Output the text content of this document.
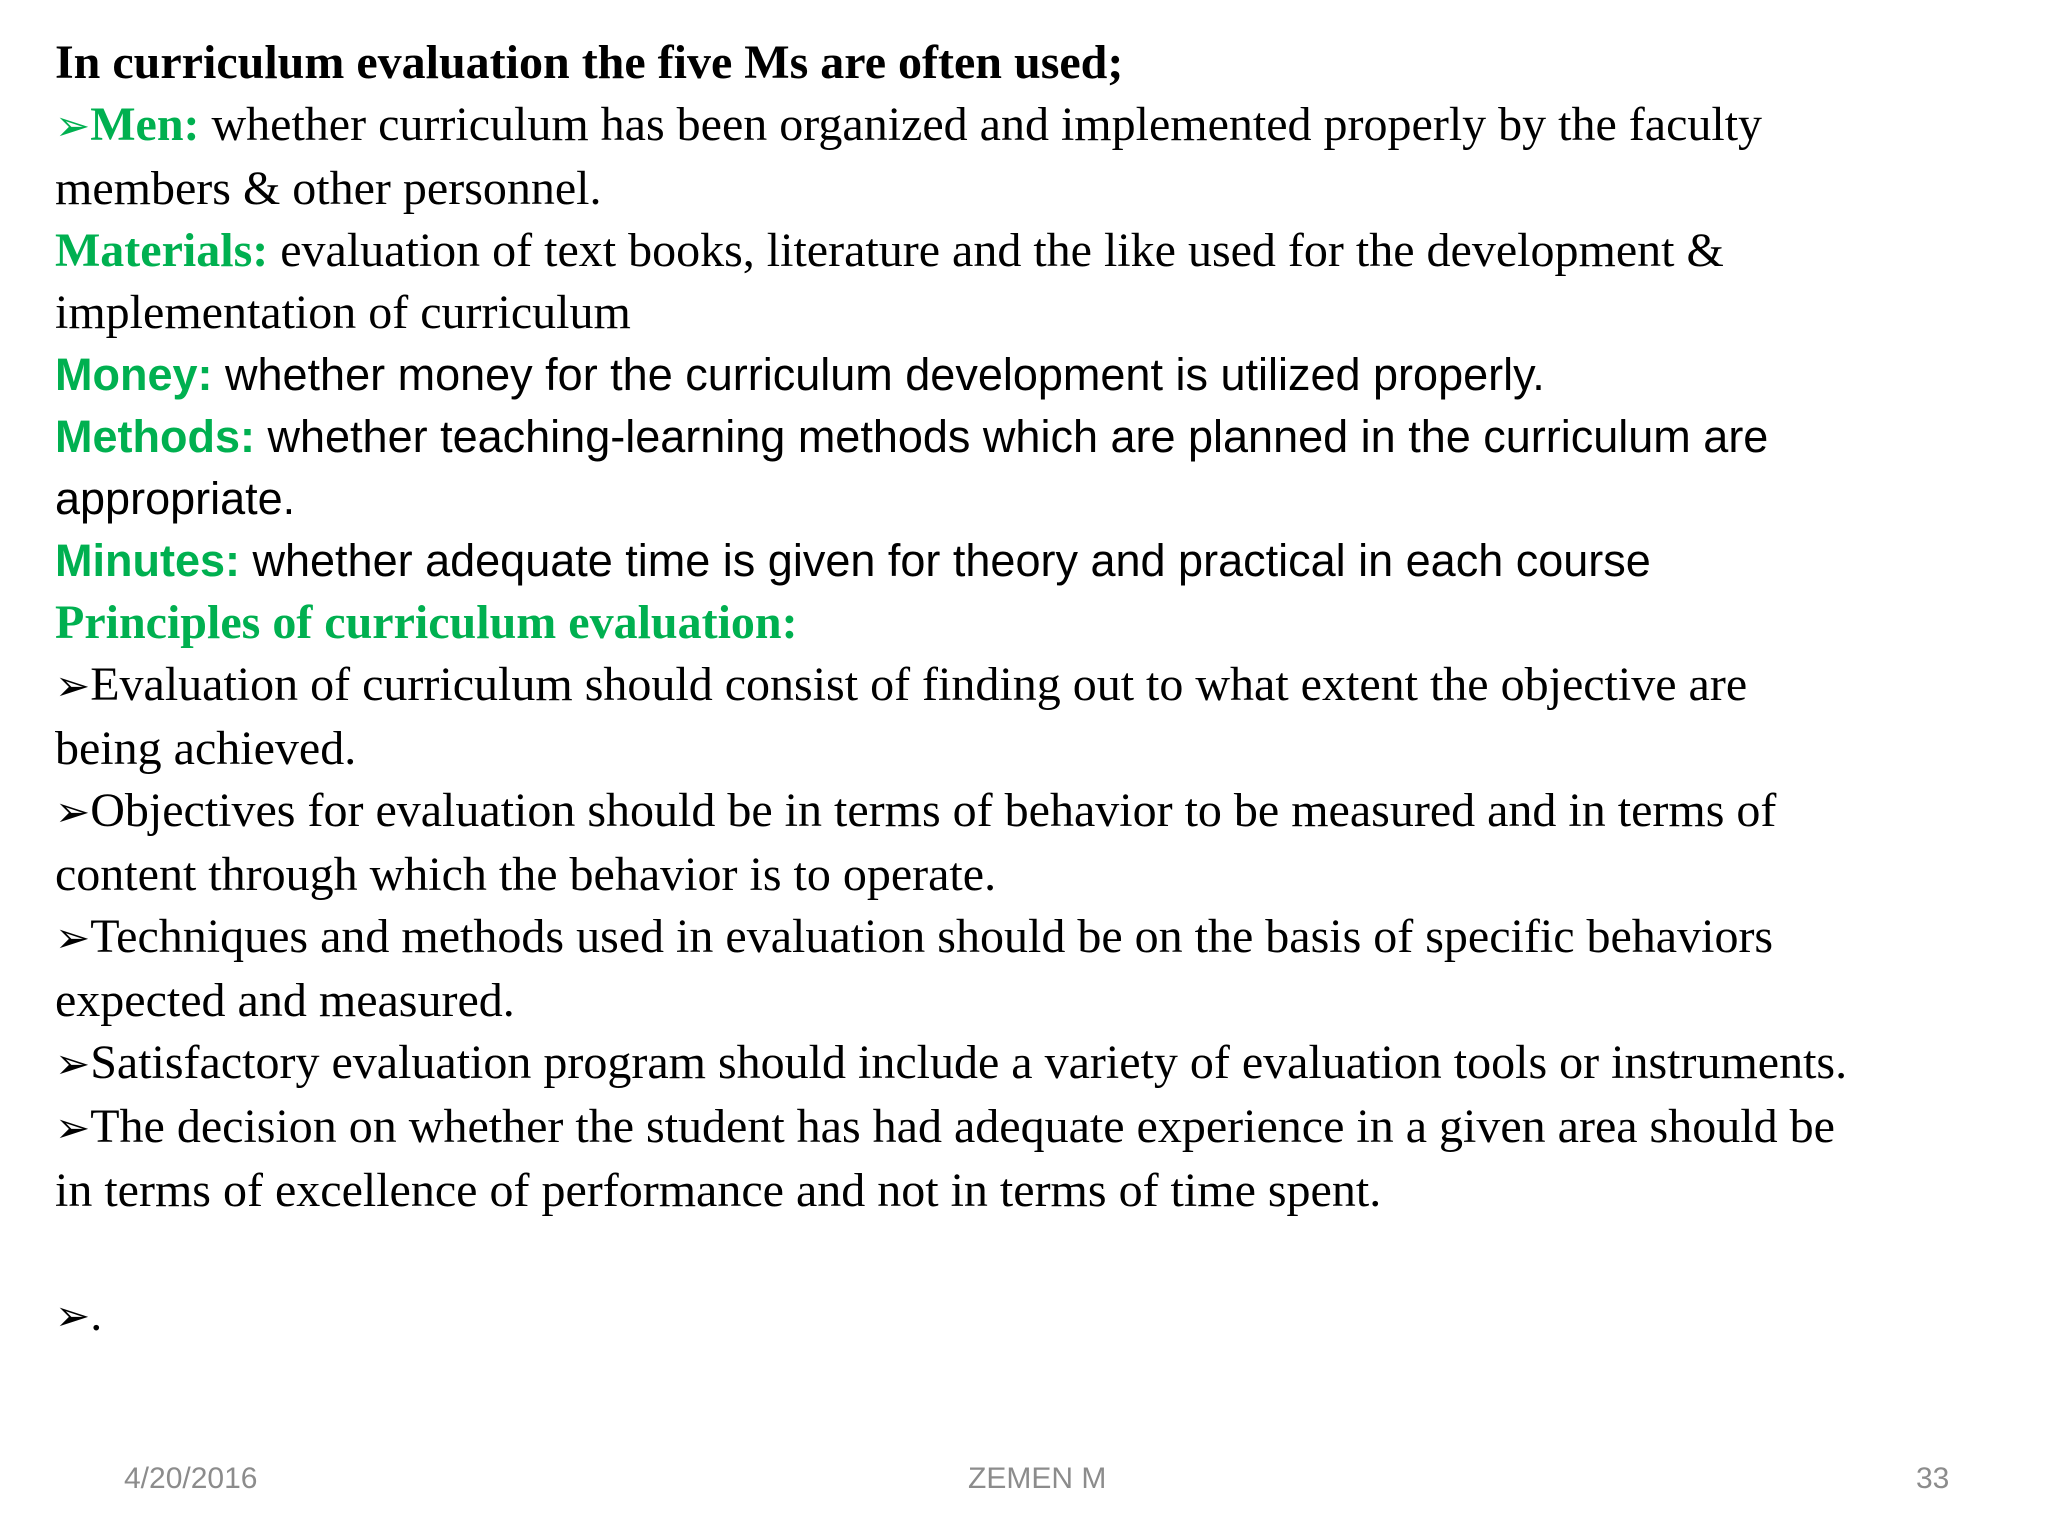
In curriculum evaluation the five Ms are often used;
➢Men: whether curriculum has been organized and implemented properly by the faculty
members & other personnel.
Materials: evaluation of text books, literature and the like used for the development &
implementation of curriculum
Money: whether money for the curriculum development is utilized properly.
Methods: whether teaching-learning methods which are planned in the curriculum are
appropriate.
Minutes: whether adequate time is given for theory and practical in each course
Principles of curriculum evaluation:
➢Evaluation of curriculum should consist of finding out to what extent the objective are
being achieved.
➢Objectives for evaluation should be in terms of behavior to be measured and in terms of
content through which the behavior is to operate.
➢Techniques and methods used in evaluation should be on the basis of specific behaviors
expected and measured.
➢Satisfactory evaluation program should include a variety of evaluation tools or instruments.
➢The decision on whether the student has had adequate experience in a given area should be
in terms of excellence of performance and not in terms of time spent.
➢.
4/20/2016	ZEMEN M	33
